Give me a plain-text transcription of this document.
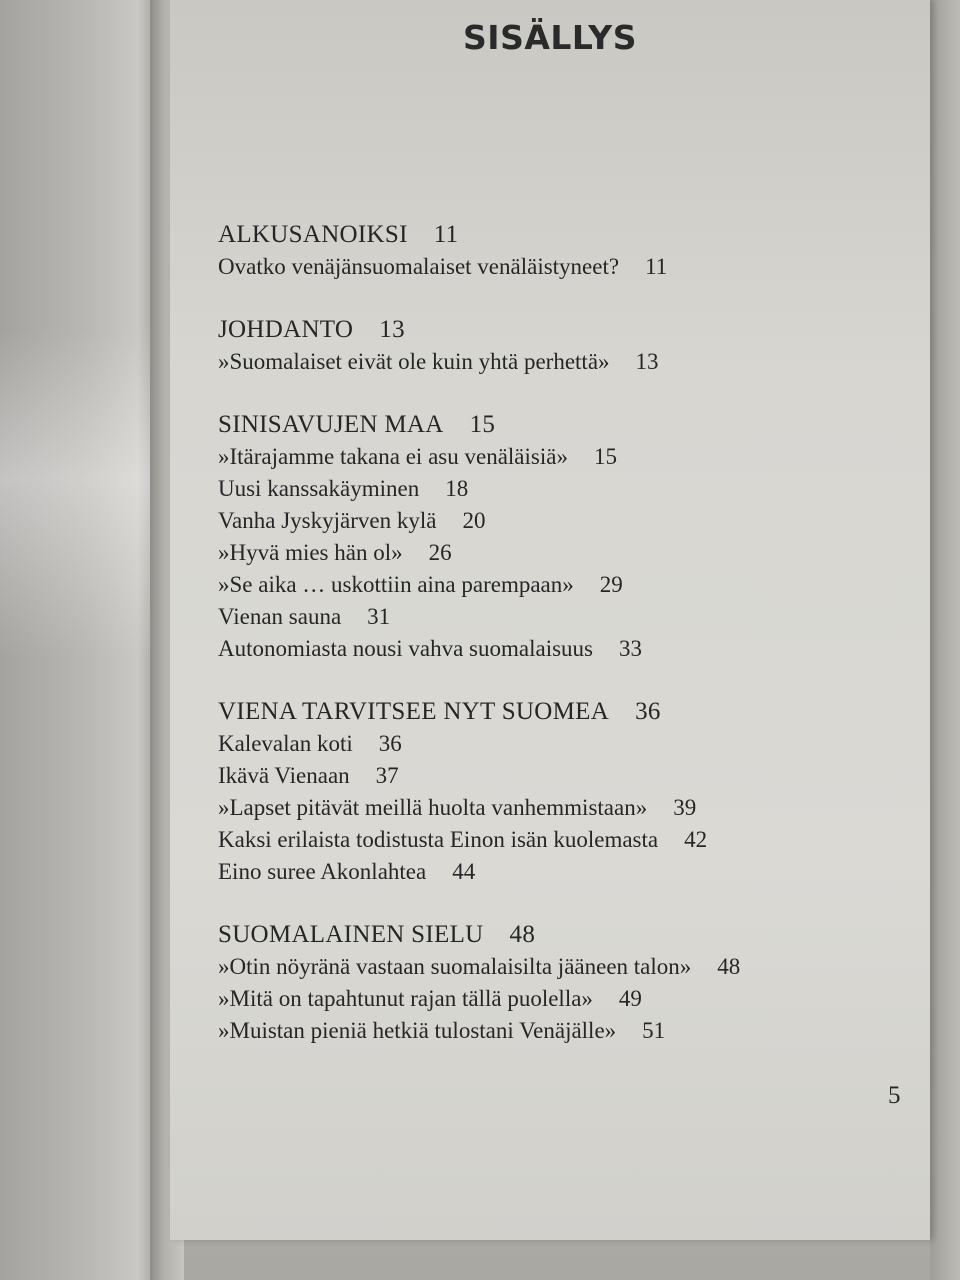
SISÄLLYS
ALKUSANOIKSI 11
Ovatko venäjänsuomalaiset venäläistyneet? 11
JOHDANTO 13
»Suomalaiset eivät ole kuin yhtä perhettä» 13
SINISAVUJEN MAA 15
»Itärajamme takana ei asu venäläisiä» 15
Uusi kanssakäyminen 18
Vanha Jyskyjärven kylä 20
»Hyvä mies hän ol» 26
»Se aika … uskottiin aina parempaan» 29
Vienan sauna 31
Autonomiasta nousi vahva suomalaisuus 33
VIENA TARVITSEE NYT SUOMEA 36
Kalevalan koti 36
Ikävä Vienaan 37
»Lapset pitävät meillä huolta vanhemmistaan» 39
Kaksi erilaista todistusta Einon isän kuolemasta 42
Eino suree Akonlahtea 44
SUOMALAINEN SIELU 48
»Otin nöyränä vastaan suomalaisilta jääneen talon» 48
»Mitä on tapahtunut rajan tällä puolella» 49
»Muistan pieniä hetkiä tulostani Venäjälle» 51
5
